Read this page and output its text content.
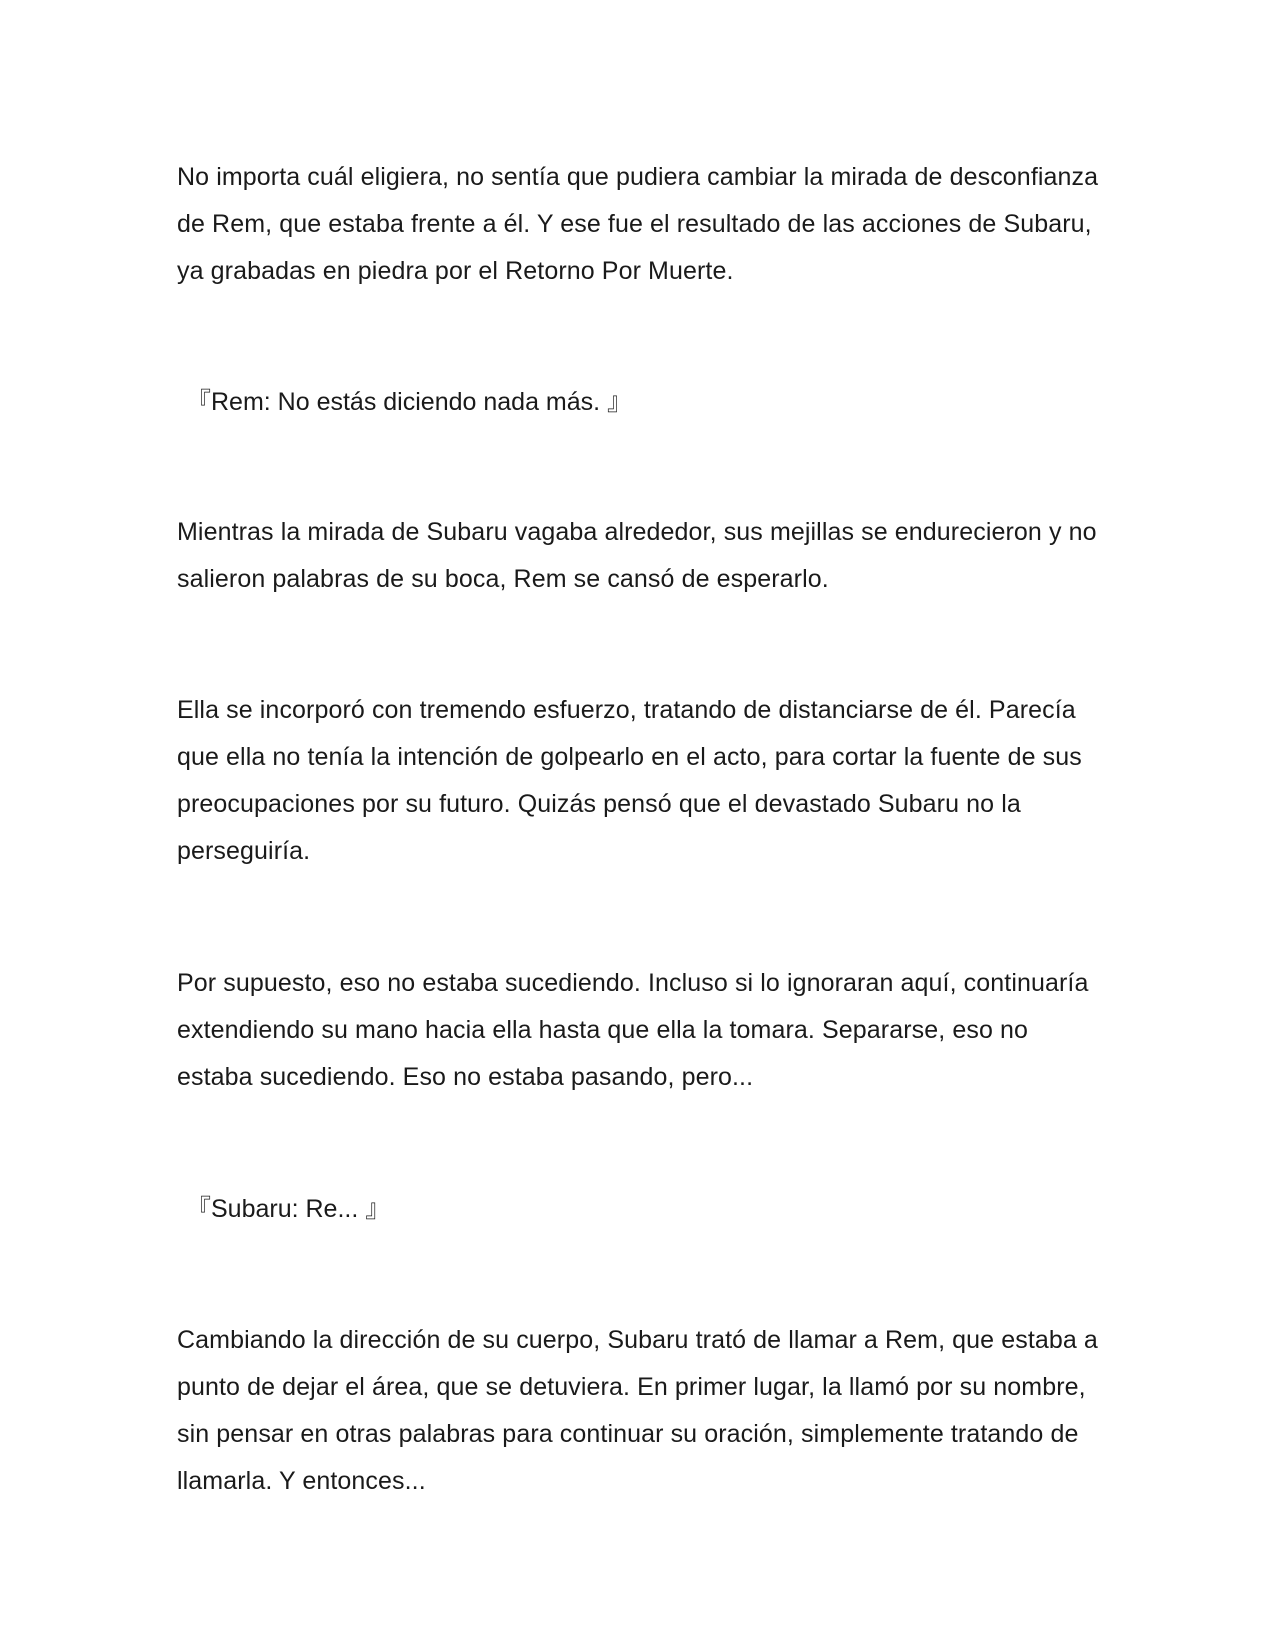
No importa cuál eligiera, no sentía que pudiera cambiar la mirada de desconfianza de Rem, que estaba frente a él. Y ese fue el resultado de las acciones de Subaru, ya grabadas en piedra por el Retorno Por Muerte.

『Rem: No estás diciendo nada más. 』

Mientras la mirada de Subaru vagaba alrededor, sus mejillas se endurecieron y no salieron palabras de su boca, Rem se cansó de esperarlo.

Ella se incorporó con tremendo esfuerzo, tratando de distanciarse de él. Parecía que ella no tenía la intención de golpearlo en el acto, para cortar la fuente de sus preocupaciones por su futuro. Quizás pensó que el devastado Subaru no la perseguiría.

Por supuesto, eso no estaba sucediendo. Incluso si lo ignoraran aquí, continuaría extendiendo su mano hacia ella hasta que ella la tomara. Separarse, eso no estaba sucediendo. Eso no estaba pasando, pero...

『Subaru: Re... 』

Cambiando la dirección de su cuerpo, Subaru trató de llamar a Rem, que estaba a punto de dejar el área, que se detuviera. En primer lugar, la llamó por su nombre, sin pensar en otras palabras para continuar su oración, simplemente tratando de llamarla. Y entonces...
